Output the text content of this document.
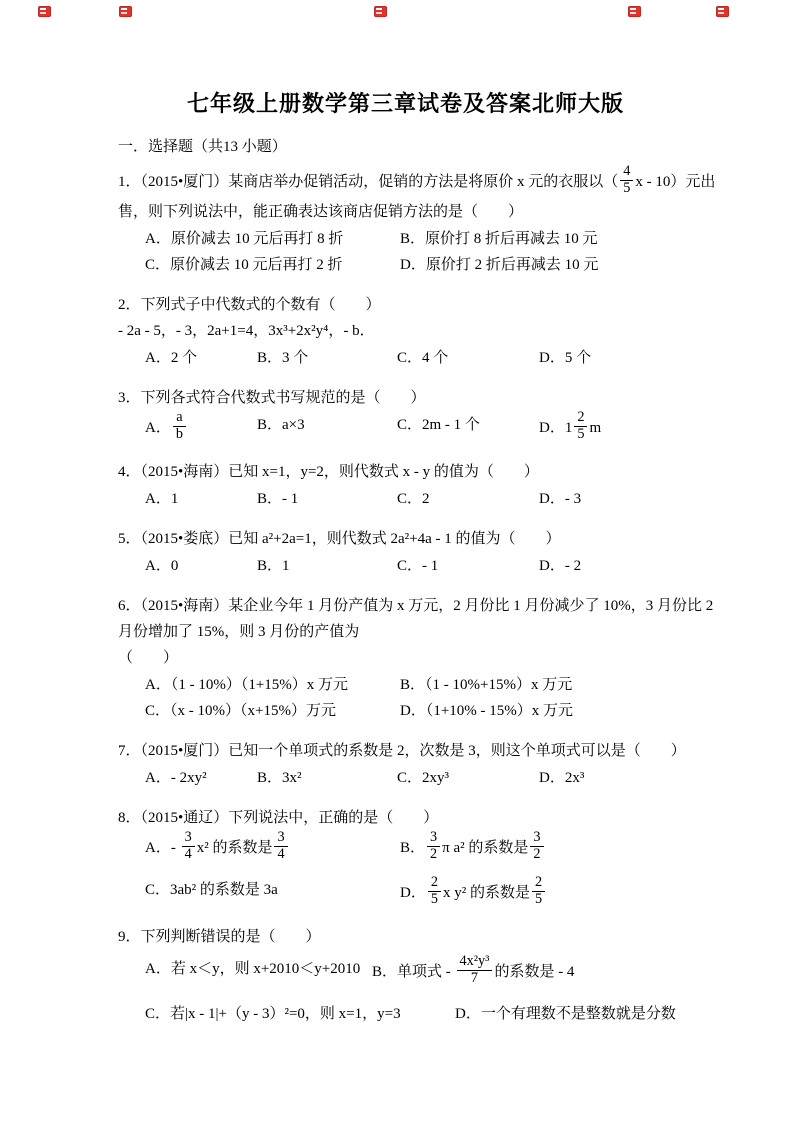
七年级上册数学第三章试卷及答案北师大版
一．选择题（共13 小题）
1．（2015•厦门）某商店举办促销活动，促销的方法是将原价 x 元的衣服以（ $\frac{4}{5}$ x - 10）元出
售，则下列说法中，能正确表达该商店促销方法的是（　　）
A．原价减去 10 元后再打 8 折	B．原价打 8 折后再减去 10 元
C．原价减去 10 元后再打 2 折	D．原价打 2 折后再减去 10 元
2．下列式子中代数式的个数有（　　）
- 2a - 5，- 3，2a+1=4，3x³+2x²y⁴，- b．
A．2 个	B．3 个	C．4 个	D．5 个
3．下列各式符合代数式书写规范的是（　　）
A． $\frac{a}{b}$	B．a×3	C．2m - 1 个	D．$1 \frac{2}{5}$ m
4．（2015•海南）已知 x=1，y=2，则代数式 x - y 的值为（　　）
A．1	B．- 1	C．2	D．- 3
5．（2015•娄底）已知 a²+2a=1，则代数式 2a²+4a - 1 的值为（　　）
A．0	B．1	C．- 1	D．- 2
6．（2015•海南）某企业今年 1 月份产值为 x 万元，2 月份比 1 月份减少了 10%，3 月份比 2
月份增加了 15%，则 3 月份的产值为
（　　）
A．（1 - 10%）（1+15%）x 万元	B．（1 - 10%+15%）x 万元
C．（x - 10%）（x+15%）万元	D．（1+10% - 15%）x 万元
7．（2015•厦门）已知一个单项式的系数是 2，次数是 3，则这个单项式可以是（　　）
A．- 2xy²	B．3x²	C．2xy³	D．2x³
8．（2015•通辽）下列说法中，正确的是（　　）
A．- $\frac{3}{4} x^2$ 的系数是 $\frac{3}{4}$	B． $\frac{3}{2}$ π a² 的系数是 $\frac{3}{2}$
C．3ab² 的系数是 3a	D． $\frac{2}{5}$ x y² 的系数是 $\frac{2}{5}$
9．下列判断错误的是（　　）
A．若 x＜y，则 x+2010＜y+2010 B．单项式 - $\frac{\text{4x²y³}}{7}$ 的系数是 - 4
C．若|x - 1|+（y - 3）²=0，则 x=1，y=3	D．一个有理数不是整数就是分数
